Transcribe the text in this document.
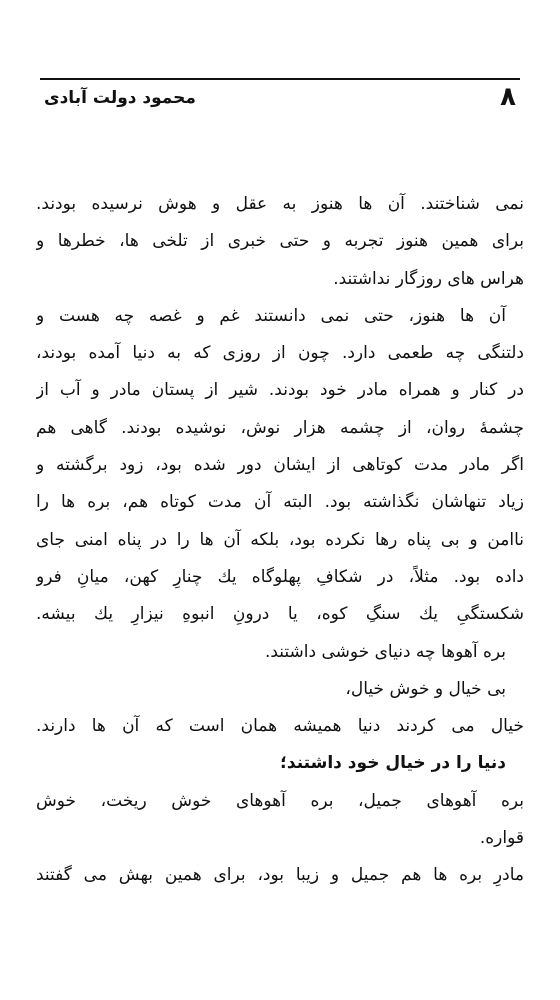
۸
محمود دولت آبادی
نمی شناختند. آن ها هنوز به عقل و هوش نرسیده بودند.
برای همین هنوز تجربه و حتی خبری از تلخی ها، خطرها و
هراس های روزگار نداشتند.
آن ها هنوز، حتی نمی دانستند غم و غصه چه هست و
دلتنگی چه طعمی دارد. چون از روزی که به دنیا آمده بودند،
در کنار و همراه مادر خود بودند. شیر از پستان مادر و آب از
چشمهٔ روان، از چشمه هزار نوش، نوشیده بودند. گاهی هم
اگر مادر مدت کوتاهی از ایشان دور شده بود، زود برگشته و
زیاد تنهاشان نگذاشته بود. البته آن مدت کوتاه هم، بره ها را
ناامن و بی پناه رها نکرده بود، بلکه آن ها را در پناه امنی جای
داده بود. مثلاً، در شکافِ پهلوگاه یك چنارِ کهن، میانِ فرو
شکستگیِ یك سنگِ کوه، یا درونِ انبوهِ نیزارِ یك بیشه.
بره آهوها چه دنیای خوشی داشتند.
بی خیال و خوش خیال،
خیال می کردند دنیا همیشه همان است که آن ها دارند.
دنیا را در خیال خود داشتند؛
بره آهوهای جمیل، بره آهوهای خوش ریخت، خوش
قواره.
مادرِ بره ها هم جمیل و زیبا بود، برای همین بهش می گفتند
